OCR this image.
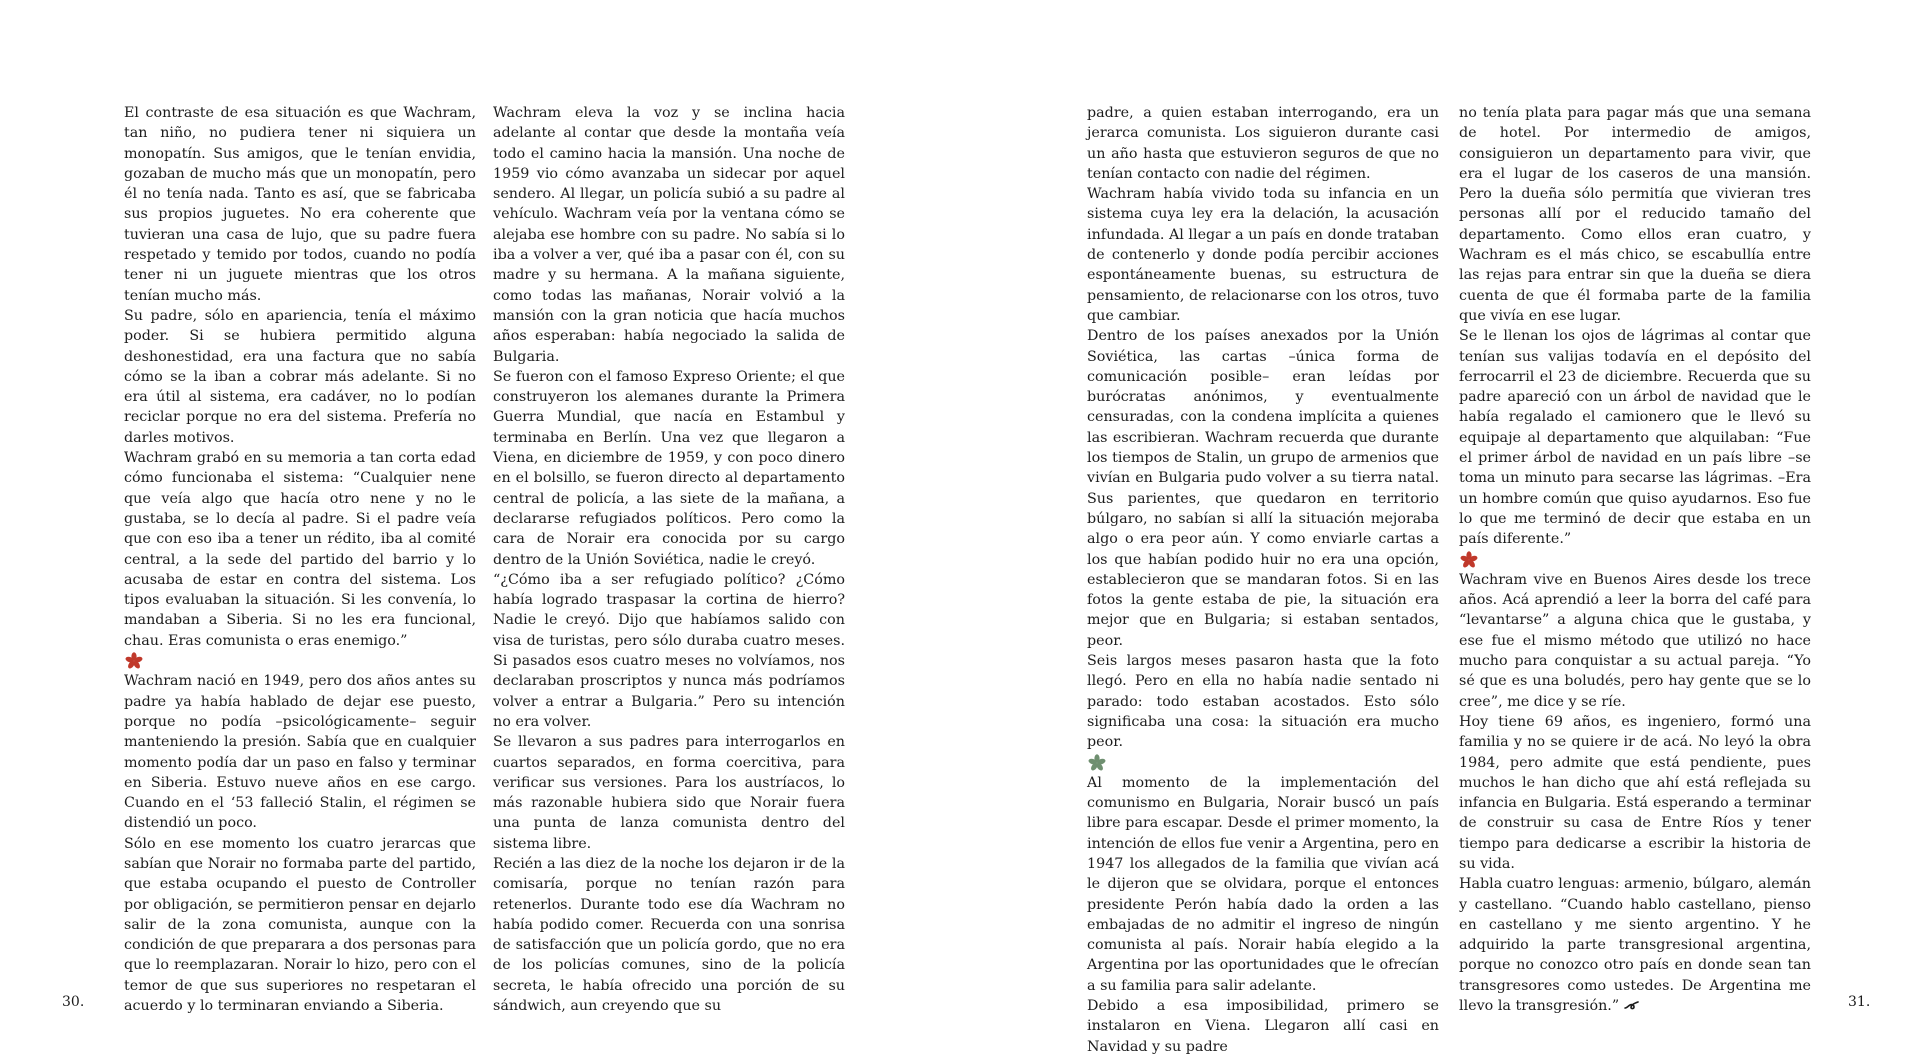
El contraste de esa situación es que Wachram, tan niño, no pudiera tener ni siquiera un monopatín. Sus amigos, que le tenían envidia, gozaban de mucho más que un monopatín, pero él no tenía nada. Tanto es así, que se fabricaba sus propios juguetes. No era coherente que tuvieran una casa de lujo, que su padre fuera respetado y temido por todos, cuando no podía tener ni un juguete mientras que los otros tenían mucho más.

Su padre, sólo en apariencia, tenía el máximo poder. Si se hubiera permitido alguna deshonestidad, era una factura que no sabía cómo se la iban a cobrar más adelante. Si no era útil al sistema, era cadáver, no lo podían reciclar porque no era del sistema. Prefería no darles motivos.

Wachram grabó en su memoria a tan corta edad cómo funcionaba el sistema: “Cualquier nene que veía algo que hacía otro nene y no le gustaba, se lo decía al padre. Si el padre veía que con eso iba a tener un rédito, iba al comité central, a la sede del partido del barrio y lo acusaba de estar en contra del sistema. Los tipos evaluaban la situación. Si les convenía, lo mandaban a Siberia. Si no les era funcional, chau. Eras comunista o eras enemigo.”

Wachram nació en 1949, pero dos años antes su padre ya había hablado de dejar ese puesto, porque no podía –psicológicamente– seguir manteniendo la presión. Sabía que en cualquier momento podía dar un paso en falso y terminar en Siberia. Estuvo nueve años en ese cargo. Cuando en el ‘53 falleció Stalin, el régimen se distendió un poco.

Sólo en ese momento los cuatro jerarcas que sabían que Norair no formaba parte del partido, que estaba ocupando el puesto de Controller por obligación, se permitieron pensar en dejarlo salir de la zona comunista, aunque con la condición de que preparara a dos personas para que lo reemplazaran. Norair lo hizo, pero con el temor de que sus superiores no respetaran el acuerdo y lo terminaran enviando a Siberia.

Wachram eleva la voz y se inclina hacia adelante al contar que desde la montaña veía todo el camino hacia la mansión. Una noche de 1959 vio cómo avanzaba un sidecar por aquel sendero. Al llegar, un policía subió a su padre al vehículo. Wachram veía por la ventana cómo se alejaba ese hombre con su padre. No sabía si lo iba a volver a ver, qué iba a pasar con él, con su madre y su hermana. A la mañana siguiente, como todas las mañanas, Norair volvió a la mansión con la gran noticia que hacía muchos años esperaban: había negociado la salida de Bulgaria.

Se fueron con el famoso Expreso Oriente; el que construyeron los alemanes durante la Primera Guerra Mundial, que nacía en Estambul y terminaba en Berlín. Una vez que llegaron a Viena, en diciembre de 1959, y con poco dinero en el bolsillo, se fueron directo al departamento central de policía, a las siete de la mañana, a declararse refugiados políticos. Pero como la cara de Norair era conocida por su cargo dentro de la Unión Soviética, nadie le creyó.

“¿Cómo iba a ser refugiado político? ¿Cómo había logrado traspasar la cortina de hierro? Nadie le creyó. Dijo que habíamos salido con visa de turistas, pero sólo duraba cuatro meses. Si pasados esos cuatro meses no volvíamos, nos declaraban proscriptos y nunca más podríamos volver a entrar a Bulgaria.” Pero su intención no era volver.

Se llevaron a sus padres para interrogarlos en cuartos separados, en forma coercitiva, para verificar sus versiones. Para los austríacos, lo más razonable hubiera sido que Norair fuera una punta de lanza comunista dentro del sistema libre.

Recién a las diez de la noche los dejaron ir de la comisaría, porque no tenían razón para retenerlos. Durante todo ese día Wachram no había podido comer. Recuerda con una sonrisa de satisfacción que un policía gordo, que no era de los policías comunes, sino de la policía secreta, le había ofrecido una porción de su sándwich, aun creyendo que su

30.

padre, a quien estaban interrogando, era un jerarca comunista. Los siguieron durante casi un año hasta que estuvieron seguros de que no tenían contacto con nadie del régimen.

Wachram había vivido toda su infancia en un sistema cuya ley era la delación, la acusación infundada. Al llegar a un país en donde trataban de contenerlo y donde podía percibir acciones espontáneamente buenas, su estructura de pensamiento, de relacionarse con los otros, tuvo que cambiar.

Dentro de los países anexados por la Unión Soviética, las cartas –única forma de comunicación posible– eran leídas por burócratas anónimos, y eventualmente censuradas, con la condena implícita a quienes las escribieran. Wachram recuerda que durante los tiempos de Stalin, un grupo de armenios que vivían en Bulgaria pudo volver a su tierra natal. Sus parientes, que quedaron en territorio búlgaro, no sabían si allí la situación mejoraba algo o era peor aún. Y como enviarle cartas a los que habían podido huir no era una opción, establecieron que se mandaran fotos. Si en las fotos la gente estaba de pie, la situación era mejor que en Bulgaria; si estaban sentados, peor.

Seis largos meses pasaron hasta que la foto llegó. Pero en ella no había nadie sentado ni parado: todo estaban acostados. Esto sólo significaba una cosa: la situación era mucho peor.

Al momento de la implementación del comunismo en Bulgaria, Norair buscó un país libre para escapar. Desde el primer momento, la intención de ellos fue venir a Argentina, pero en 1947 los allegados de la familia que vivían acá le dijeron que se olvidara, porque el entonces presidente Perón había dado la orden a las embajadas de no admitir el ingreso de ningún comunista al país. Norair había elegido a la Argentina por las oportunidades que le ofrecían a su familia para salir adelante.

Debido a esa imposibilidad, primero se instalaron en Viena. Llegaron allí casi en Navidad y su padre

no tenía plata para pagar más que una semana de hotel. Por intermedio de amigos, consiguieron un departamento para vivir, que era el lugar de los caseros de una mansión. Pero la dueña sólo permitía que vivieran tres personas allí por el reducido tamaño del departamento. Como ellos eran cuatro, y Wachram es el más chico, se escabullía entre las rejas para entrar sin que la dueña se diera cuenta de que él formaba parte de la familia que vivía en ese lugar.

Se le llenan los ojos de lágrimas al contar que tenían sus valijas todavía en el depósito del ferrocarril el 23 de diciembre. Recuerda que su padre apareció con un árbol de navidad que le había regalado el camionero que le llevó su equipaje al departamento que alquilaban: “Fue el primer árbol de navidad en un país libre –se toma un minuto para secarse las lágrimas. –Era un hombre común que quiso ayudarnos. Eso fue lo que me terminó de decir que estaba en un país diferente.”

Wachram vive en Buenos Aires desde los trece años. Acá aprendió a leer la borra del café para “levantarse” a alguna chica que le gustaba, y ese fue el mismo método que utilizó no hace mucho para conquistar a su actual pareja. “Yo sé que es una boludés, pero hay gente que se lo cree”, me dice y se ríe.

Hoy tiene 69 años, es ingeniero, formó una familia y no se quiere ir de acá. No leyó la obra 1984, pero admite que está pendiente, pues muchos le han dicho que ahí está reflejada su infancia en Bulgaria. Está esperando a terminar de construir su casa de Entre Ríos y tener tiempo para dedicarse a escribir la historia de su vida.

Habla cuatro lenguas: armenio, búlgaro, alemán y castellano. “Cuando hablo castellano, pienso en castellano y me siento argentino. Y he adquirido la parte transgresional argentina, porque no conozco otro país en donde sean tan transgresores como ustedes. De Argentina me llevo la transgresión.”	31.
